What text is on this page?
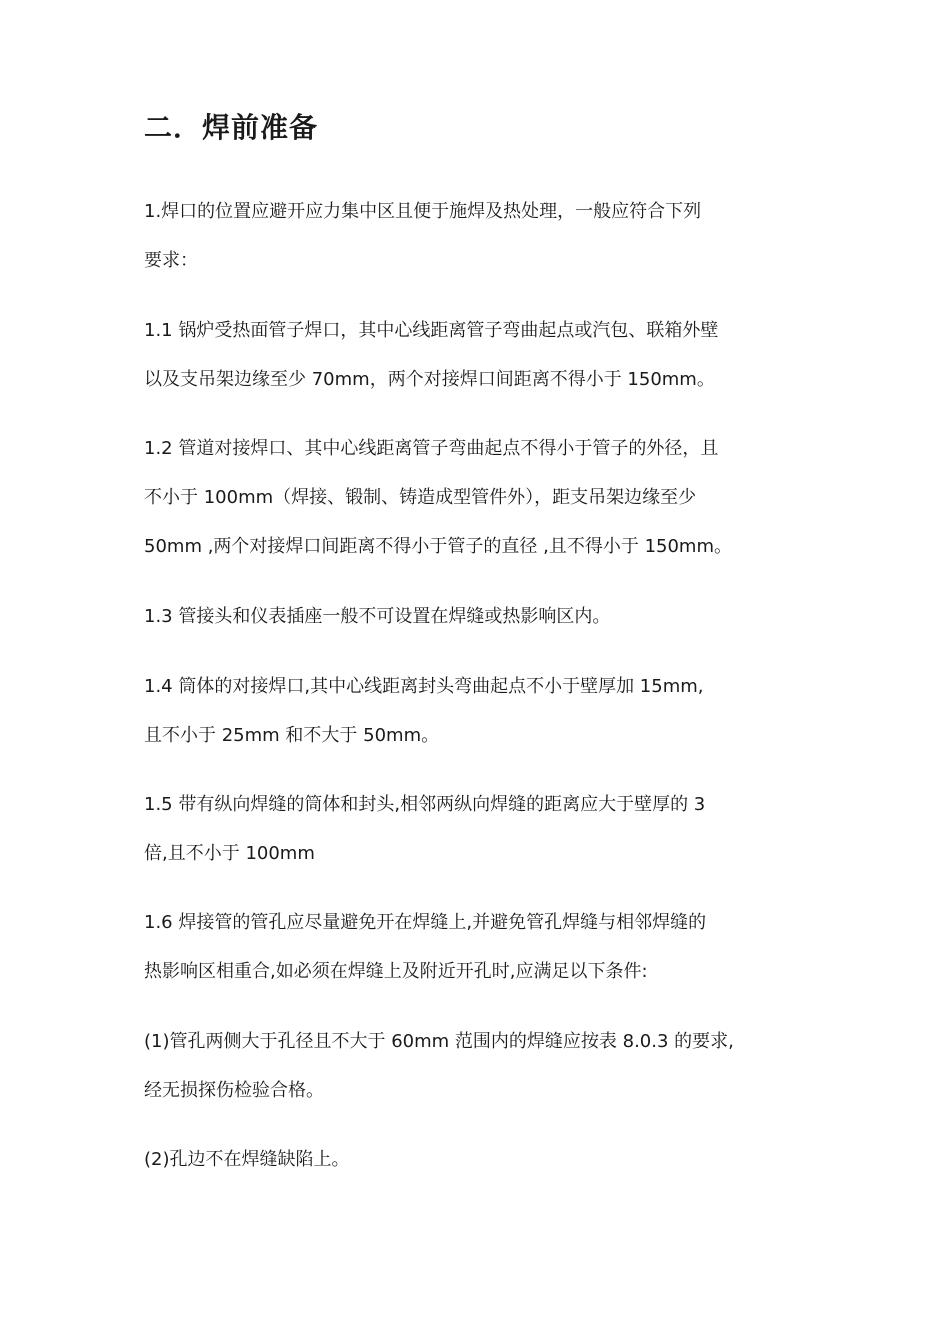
二．焊前准备

1.焊口的位置应避开应力集中区且便于施焊及热处理，一般应符合下列
要求：

1.1 锅炉受热面管子焊口，其中心线距离管子弯曲起点或汽包、联箱外壁
以及支吊架边缘至少 70mm，两个对接焊口间距离不得小于 150mm。

1.2 管道对接焊口、其中心线距离管子弯曲起点不得小于管子的外径，且
不小于 100mm（焊接、锻制、铸造成型管件外），距支吊架边缘至少
50mm ,两个对接焊口间距离不得小于管子的直径 ,且不得小于 150mm。

1.3 管接头和仪表插座一般不可设置在焊缝或热影响区内。

1.4 筒体的对接焊口,其中心线距离封头弯曲起点不小于壁厚加 15mm,
且不小于 25mm 和不大于 50mm。

1.5 带有纵向焊缝的筒体和封头,相邻两纵向焊缝的距离应大于壁厚的 3
倍,且不小于 100mm

1.6 焊接管的管孔应尽量避免开在焊缝上,并避免管孔焊缝与相邻焊缝的
热影响区相重合,如必须在焊缝上及附近开孔时,应满足以下条件:

(1)管孔两侧大于孔径且不大于 60mm 范围内的焊缝应按表 8.0.3 的要求,
经无损探伤检验合格。

(2)孔边不在焊缝缺陷上。
